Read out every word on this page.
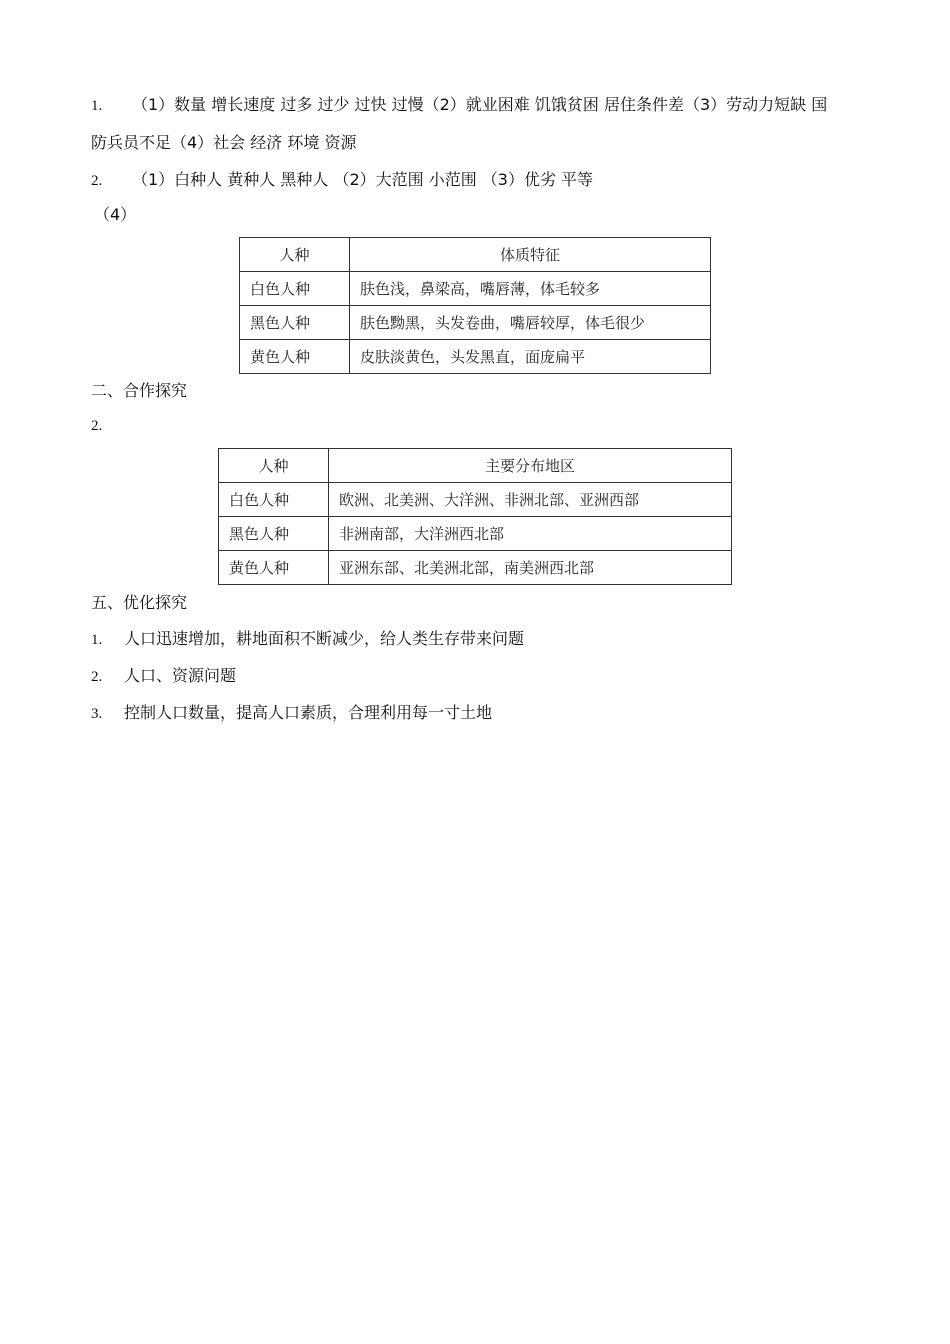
1. （1）数量 增长速度 过多 过少 过快 过慢（2）就业困难 饥饿贫困 居住条件差（3）劳动力短缺 国
防兵员不足（4）社会 经济 环境 资源
2. （1）白种人 黄种人 黑种人 （2）大范围 小范围 （3）优劣 平等
（4）
人种	体质特征
白色人种	肤色浅，鼻梁高，嘴唇薄，体毛较多
黑色人种	肤色黝黑，头发卷曲，嘴唇较厚，体毛很少
黄色人种	皮肤淡黄色，头发黑直，面庞扁平
二、合作探究
2.
人种	主要分布地区
白色人种	欧洲、北美洲、大洋洲、非洲北部、亚洲西部
黑色人种	非洲南部，大洋洲西北部
黄色人种	亚洲东部、北美洲北部，南美洲西北部
五、优化探究
1. 人口迅速增加，耕地面积不断减少，给人类生存带来问题
2. 人口、资源问题
3. 控制人口数量，提高人口素质，合理利用每一寸土地
